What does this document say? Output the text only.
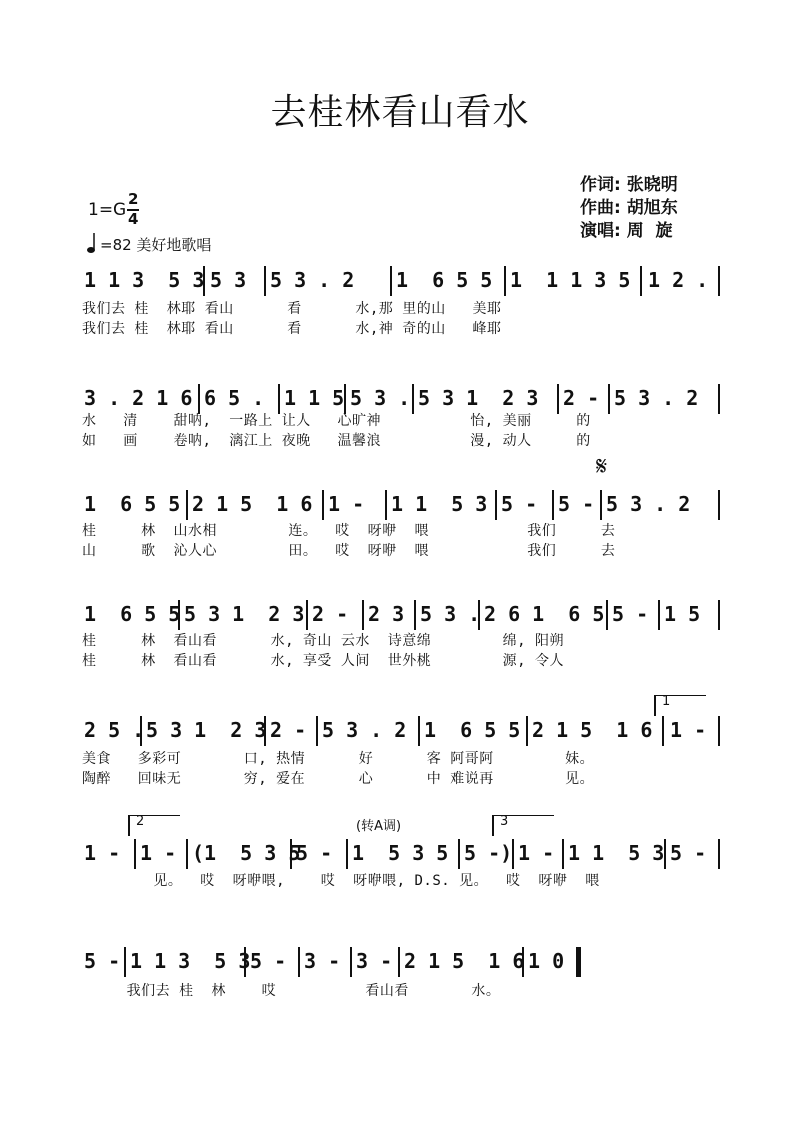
去桂林看山看水
作词: 张晓明
作曲: 胡旭东
演唱: 周  旋
1=G
2
4
=82 美好地歌唱
𝄋
(转A调)
1 1 3  5 3 5 3 5 3 . 2 1  6 5 5 1  1 1 3 5 1 2 .
我们去 桂  林耶 看山      看      水,那 里的山   美耶
我们去 桂  林耶 看山      看      水,神 奇的山   峰耶
3 . 2 1 6 6 5 . 1 1 5 5 3 . 5 3 1  2 3 2 - 5 3 . 2
水   清    甜呐,  一路上 让人   心旷神          怡, 美丽     的
如   画    卷呐,  漓江上 夜晚   温馨浪          漫, 动人     的
1  6 5 5 2 1 5  1 6 1 - 1 1  5 3 5 - 5 - 5 3 . 2
桂     林  山水相        连。  哎  呀咿  喂           我们     去
山     歌  沁人心        田。  哎  呀咿  喂           我们     去
1  6 5 5 5 3 1  2 3 2 - 2 3 5 3 . 2 6 1  6 5 5 - 1 5
桂     林  看山看      水, 奇山 云水  诗意绵        绵, 阳朔
桂     林  看山看      水, 享受 人间  世外桃        源, 令人
2 5 . 5 3 1  2 3 2 - 5 3 . 2 1  6 5 5 2 1 5  1 6 1 -
美食   多彩可       口, 热情      好      客 阿哥阿        妹。
陶醉   回味无       穷, 爱在      心      中 难说再        见。
1 - 1 - (1  5 3 5
5 - 1  5 3 5 5 -) 1 - 1 1  5 3 5 -
见。  哎  呀咿喂,    哎  呀咿喂, D.S. 见。  哎  呀咿  喂
5 - 1 1 3  5 3 5 - 3 - 3 - 2 1 5  1 6 1 0
我们去 桂  林    哎          看山看       水。
1
2	3
